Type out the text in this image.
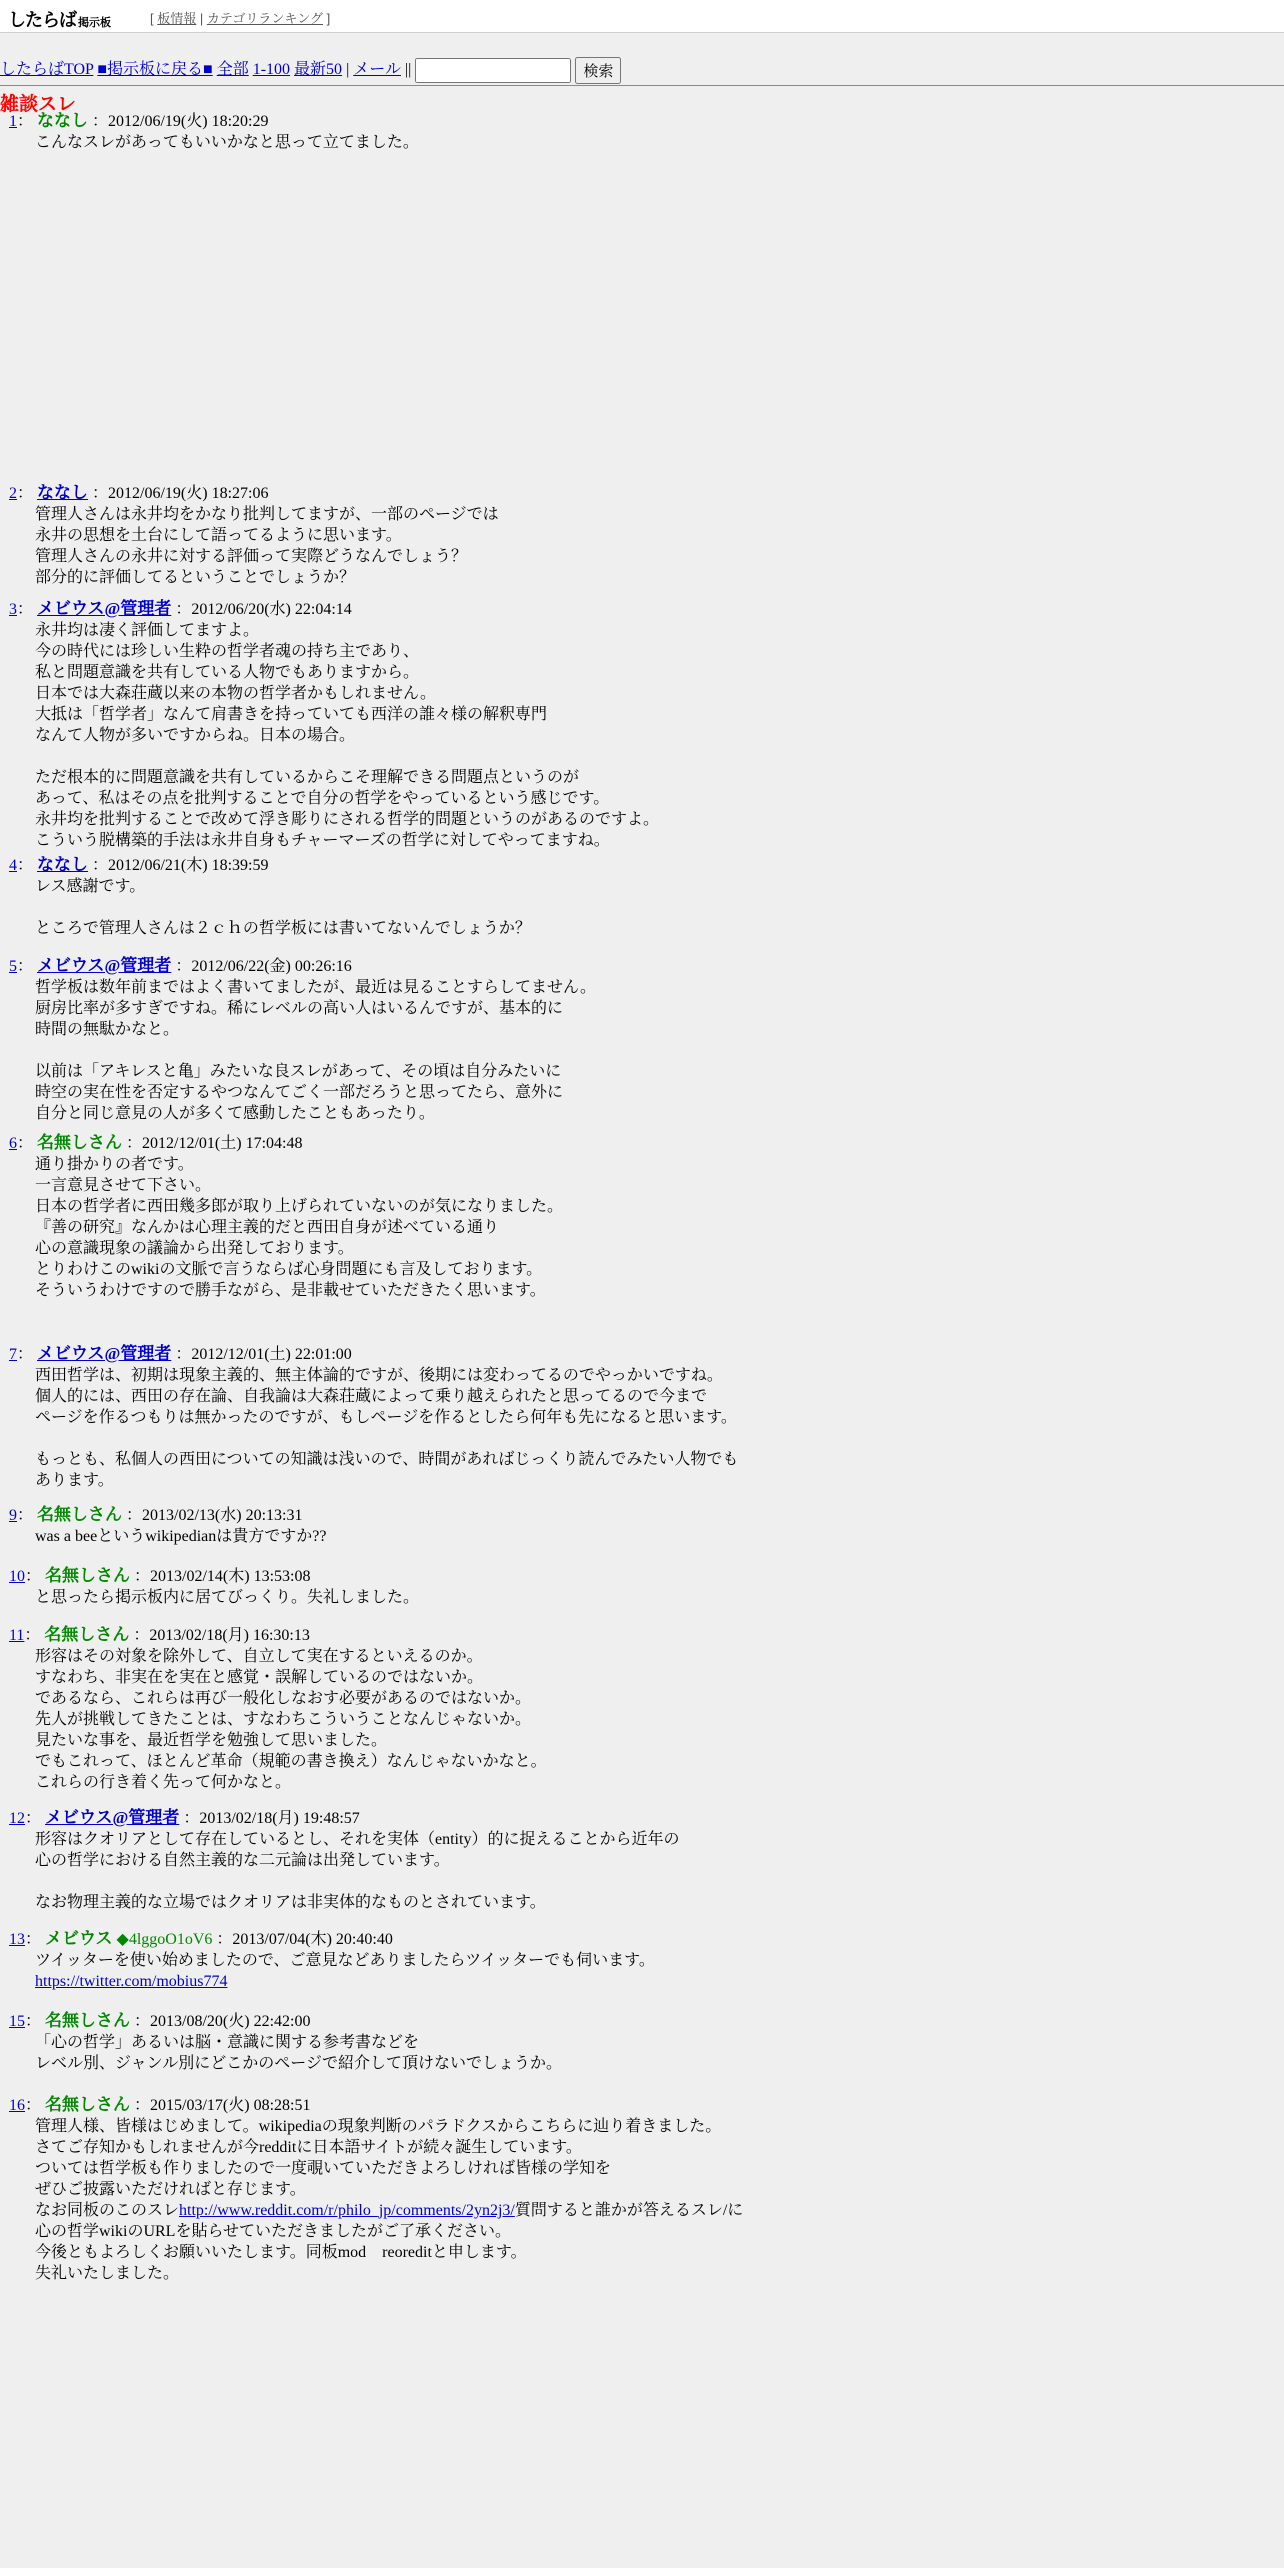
したらば 掲示板	[ 板情報 | カテゴリランキング ]
したらばTOP ■掲示板に戻る■ 全部 1-100 最新50 | メール ||	検索
雑談スレ
1： ななし ：2012/06/19(火) 18:20:29
こんなスレがあってもいいかなと思って立てました。
2： ななし ：2012/06/19(火) 18:27:06
管理人さんは永井均をかなり批判してますが、一部のページでは
永井の思想を土台にして語ってるように思います。
管理人さんの永井に対する評価って実際どうなんでしょう？
部分的に評価してるということでしょうか？
3： メビウス@管理者 ：2012/06/20(水) 22:04:14
永井均は凄く評価してますよ。
今の時代には珍しい生粋の哲学者魂の持ち主であり、
私と問題意識を共有している人物でもありますから。
日本では大森荘蔵以来の本物の哲学者かもしれません。
大抵は「哲学者」なんて肩書きを持っていても西洋の誰々様の解釈専門
なんて人物が多いですからね。日本の場合。

ただ根本的に問題意識を共有しているからこそ理解できる問題点というのが
あって、私はその点を批判することで自分の哲学をやっているという感じです。
永井均を批判することで改めて浮き彫りにされる哲学的問題というのがあるのですよ。
こういう脱構築的手法は永井自身もチャーマーズの哲学に対してやってますね。
4： ななし ：2012/06/21(木) 18:39:59
レス感謝です。

ところで管理人さんは２ｃｈの哲学板には書いてないんでしょうか？
5： メビウス@管理者 ：2012/06/22(金) 00:26:16
哲学板は数年前まではよく書いてましたが、最近は見ることすらしてません。
厨房比率が多すぎですね。稀にレベルの高い人はいるんですが、基本的に
時間の無駄かなと。

以前は「アキレスと亀」みたいな良スレがあって、その頃は自分みたいに
時空の実在性を否定するやつなんてごく一部だろうと思ってたら、意外に
自分と同じ意見の人が多くて感動したこともあったり。
6： 名無しさん ：2012/12/01(土) 17:04:48
通り掛かりの者です。
一言意見させて下さい。
日本の哲学者に西田幾多郎が取り上げられていないのが気になりました。
『善の研究』なんかは心理主義的だと西田自身が述べている通り
心の意識現象の議論から出発しております。
とりわけこのwikiの文脈で言うならば心身問題にも言及しております。
そういうわけですので勝手ながら、是非載せていただきたく思います。
7： メビウス@管理者 ：2012/12/01(土) 22:01:00
西田哲学は、初期は現象主義的、無主体論的ですが、後期には変わってるのでやっかいですね。
個人的には、西田の存在論、自我論は大森荘蔵によって乗り越えられたと思ってるので今まで
ページを作るつもりは無かったのですが、もしページを作るとしたら何年も先になると思います。

もっとも、私個人の西田についての知識は浅いので、時間があればじっくり読んでみたい人物でも
あります。
9： 名無しさん ：2013/02/13(水) 20:13:31
was a beeというwikipedianは貴方ですか??
10： 名無しさん ：2013/02/14(木) 13:53:08
と思ったら掲示板内に居てびっくり。失礼しました。
11： 名無しさん ：2013/02/18(月) 16:30:13
形容はその対象を除外して、自立して実在するといえるのか。
すなわち、非実在を実在と感覚・誤解しているのではないか。
であるなら、これらは再び一般化しなおす必要があるのではないか。
先人が挑戦してきたことは、すなわちこういうことなんじゃないか。
見たいな事を、最近哲学を勉強して思いました。
でもこれって、ほとんど革命（規範の書き換え）なんじゃないかなと。
これらの行き着く先って何かなと。
12： メビウス@管理者 ：2013/02/18(月) 19:48:57
形容はクオリアとして存在しているとし、それを実体（entity）的に捉えることから近年の
心の哲学における自然主義的な二元論は出発しています。

なお物理主義的な立場ではクオリアは非実体的なものとされています。
13： メビウス ◆4lggoO1oV6 ：2013/07/04(木) 20:40:40
ツイッターを使い始めましたので、ご意見などありましたらツイッターでも伺います。
https://twitter.com/mobius774
15： 名無しさん ：2013/08/20(火) 22:42:00
「心の哲学」あるいは脳・意識に関する参考書などを
レベル別、ジャンル別にどこかのページで紹介して頂けないでしょうか。
16： 名無しさん ：2015/03/17(火) 08:28:51
管理人様、皆様はじめまして。wikipediaの現象判断のパラドクスからこちらに辿り着きました。
さてご存知かもしれませんが今redditに日本語サイトが続々誕生しています。
ついては哲学板も作りましたので一度覗いていただきよろしければ皆様の学知を
ぜひご披露いただければと存じます。
なお同板のこのスレhttp://www.reddit.com/r/philo_jp/comments/2yn2j3/質問すると誰かが答えるスレ/に
心の哲学wikiのURLを貼らせていただきましたがご了承ください。
今後ともよろしくお願いいたします。同板mod　reoreditと申します。
失礼いたしました。
